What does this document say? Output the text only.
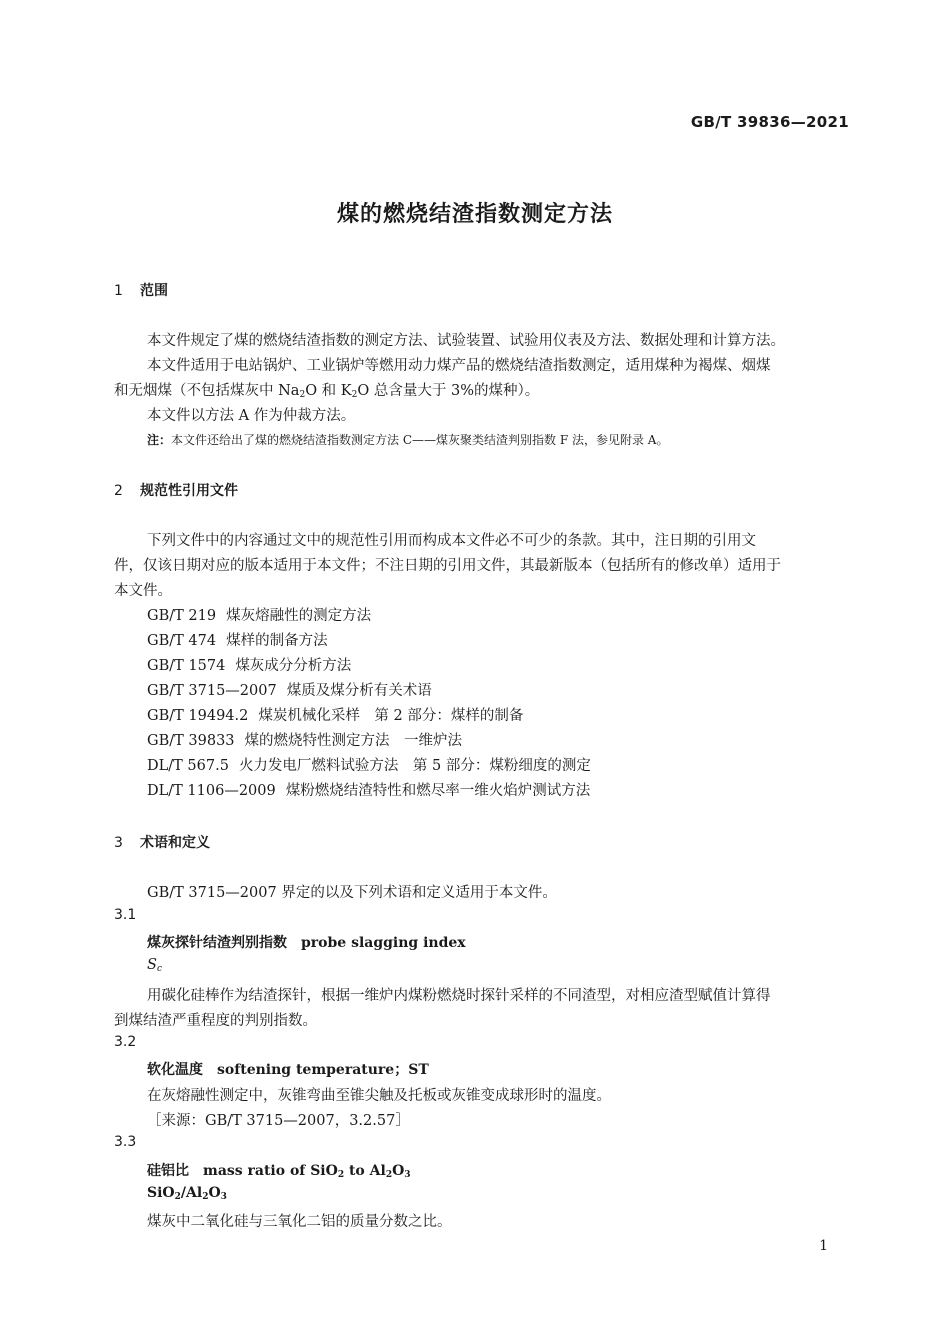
GB/T 39836—2021
煤的燃烧结渣指数测定方法
1 范围
本文件规定了煤的燃烧结渣指数的测定方法、试验装置、试验用仪表及方法、数据处理和计算方法。
本文件适用于电站锅炉、工业锅炉等燃用动力煤产品的燃烧结渣指数测定，适用煤种为褐煤、烟煤
和无烟煤（不包括煤灰中 $Na_2O$ 和 $K_2O$ 总含量大于 3%的煤种）。
本文件以方法 A 作为仲裁方法。
注：本文件还给出了煤的燃烧结渣指数测定方法 C——煤灰聚类结渣判别指数 F 法，参见附录 A。
2 规范性引用文件
下列文件中的内容通过文中的规范性引用而构成本文件必不可少的条款。其中，注日期的引用文
件，仅该日期对应的版本适用于本文件；不注日期的引用文件，其最新版本（包括所有的修改单）适用于
本文件。
GB/T 219 煤灰熔融性的测定方法
GB/T 474 煤样的制备方法
GB/T 1574 煤灰成分分析方法
GB/T 3715—2007 煤质及煤分析有关术语
GB/T 19494.2 煤炭机械化采样　第 2 部分：煤样的制备
GB/T 39833 煤的燃烧特性测定方法　一维炉法
DL/T 567.5 火力发电厂燃料试验方法　第 5 部分：煤粉细度的测定
DL/T 1106—2009 煤粉燃烧结渣特性和燃尽率一维火焰炉测试方法
3 术语和定义
GB/T 3715—2007 界定的以及下列术语和定义适用于本文件。
3.1
煤灰探针结渣判别指数 probe slagging index
$S_c$
用碳化硅棒作为结渣探针，根据一维炉内煤粉燃烧时探针采样的不同渣型，对相应渣型赋值计算得
到煤结渣严重程度的判别指数。
3.2
软化温度 softening temperature；ST
在灰熔融性测定中，灰锥弯曲至锥尖触及托板或灰锥变成球形时的温度。
［来源：GB/T 3715—2007，3.2.57］
3.3
硅铝比 mass ratio of SiO$_2$ to $Al_2O_3$
$SiO_2/Al_2O_3$
煤灰中二氧化硅与三氧化二铝的质量分数之比。
1
